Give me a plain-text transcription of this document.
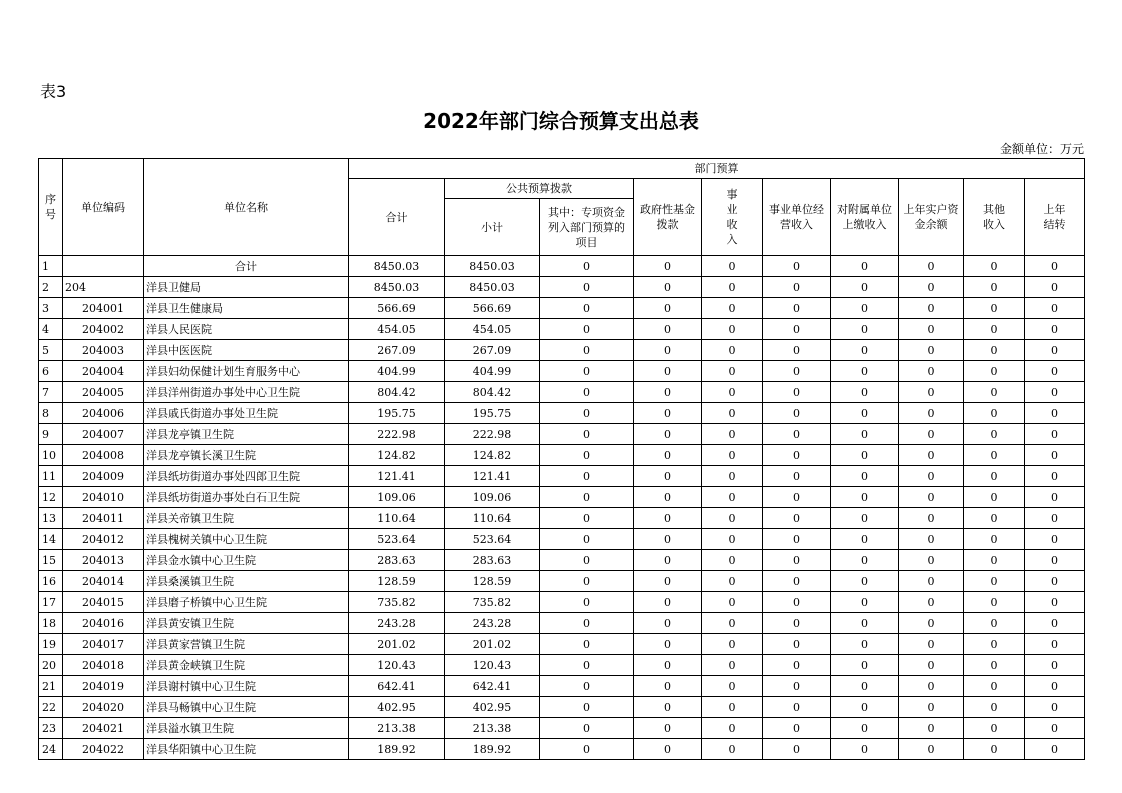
表3
2022年部门综合预算支出总表
金额单位：万元
序号	单位编码	单位名称	部门预算									
			合计	公共预算拨款		政府性基金拨款	事业收入	事业单位经营收入	对附属单位上缴收入	上年实户资金余额	其他收入	上年结转
				小计	其中：专项资金列入部门预算的项目							
1		合计	8450.03	8450.03	0	0	0	0	0	0	0	0
2	204	洋县卫健局	8450.03	8450.03	0	0	0	0	0	0	0	0
3	204001	洋县卫生健康局	566.69	566.69	0	0	0	0	0	0	0	0
4	204002	洋县人民医院	454.05	454.05	0	0	0	0	0	0	0	0
5	204003	洋县中医医院	267.09	267.09	0	0	0	0	0	0	0	0
6	204004	洋县妇幼保健计划生育服务中心	404.99	404.99	0	0	0	0	0	0	0	0
7	204005	洋县洋州街道办事处中心卫生院	804.42	804.42	0	0	0	0	0	0	0	0
8	204006	洋县戚氏街道办事处卫生院	195.75	195.75	0	0	0	0	0	0	0	0
9	204007	洋县龙亭镇卫生院	222.98	222.98	0	0	0	0	0	0	0	0
10	204008	洋县龙亭镇长溪卫生院	124.82	124.82	0	0	0	0	0	0	0	0
11	204009	洋县纸坊街道办事处四郎卫生院	121.41	121.41	0	0	0	0	0	0	0	0
12	204010	洋县纸坊街道办事处白石卫生院	109.06	109.06	0	0	0	0	0	0	0	0
13	204011	洋县关帝镇卫生院	110.64	110.64	0	0	0	0	0	0	0	0
14	204012	洋县槐树关镇中心卫生院	523.64	523.64	0	0	0	0	0	0	0	0
15	204013	洋县金水镇中心卫生院	283.63	283.63	0	0	0	0	0	0	0	0
16	204014	洋县桑溪镇卫生院	128.59	128.59	0	0	0	0	0	0	0	0
17	204015	洋县磨子桥镇中心卫生院	735.82	735.82	0	0	0	0	0	0	0	0
18	204016	洋县黄安镇卫生院	243.28	243.28	0	0	0	0	0	0	0	0
19	204017	洋县黄家营镇卫生院	201.02	201.02	0	0	0	0	0	0	0	0
20	204018	洋县黄金峡镇卫生院	120.43	120.43	0	0	0	0	0	0	0	0
21	204019	洋县谢村镇中心卫生院	642.41	642.41	0	0	0	0	0	0	0	0
22	204020	洋县马畅镇中心卫生院	402.95	402.95	0	0	0	0	0	0	0	0
23	204021	洋县溢水镇卫生院	213.38	213.38	0	0	0	0	0	0	0	0
24	204022	洋县华阳镇中心卫生院	189.92	189.92	0	0	0	0	0	0	0	0
